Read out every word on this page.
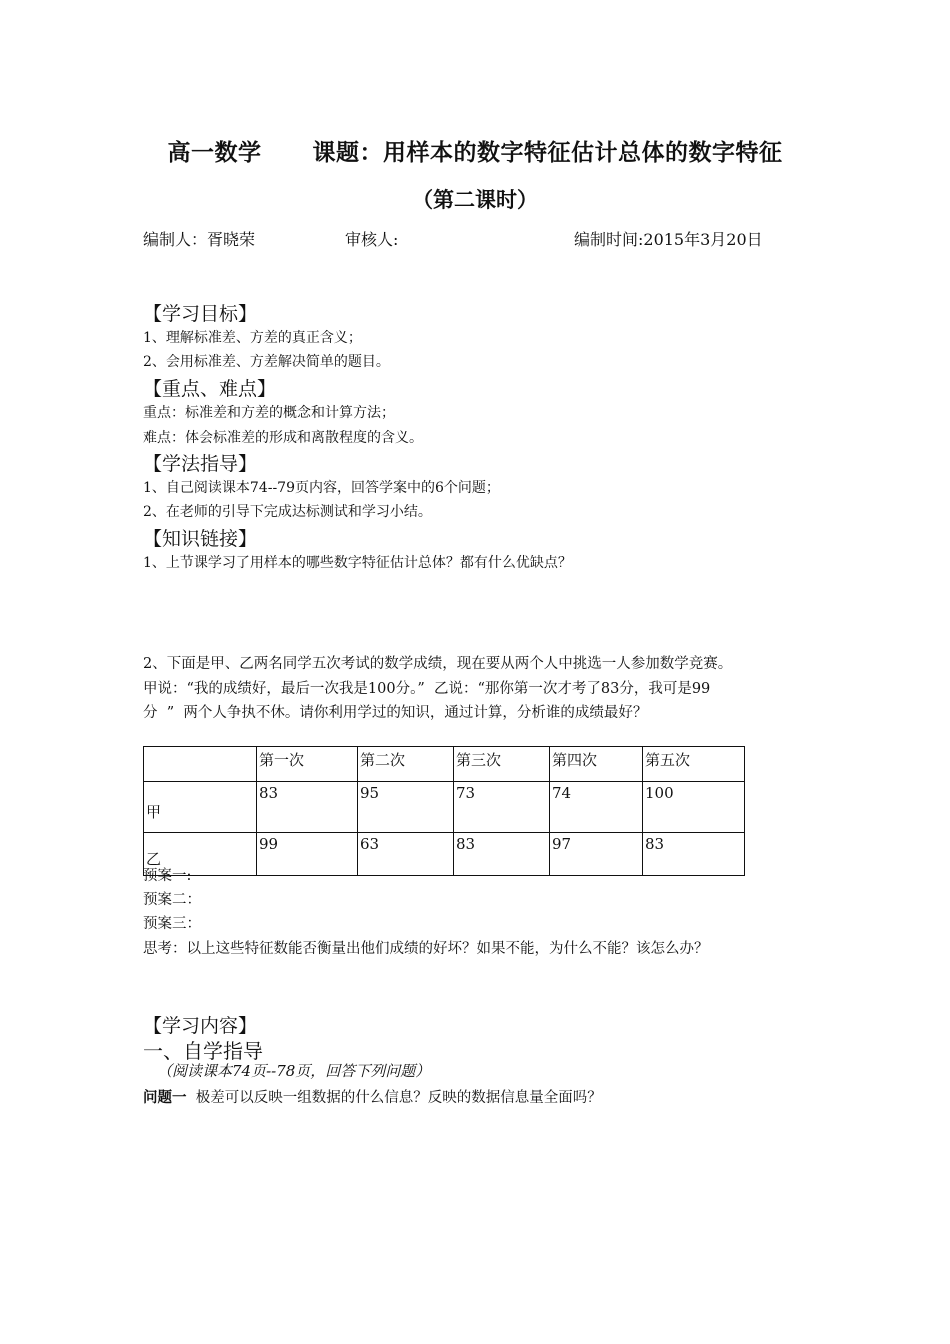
高一数学      课题：用样本的数字特征估计总体的数字特征
（第二课时）
编制人：胥晓荣	审核人:	编制时间:2015年3月20日
【学习目标】
1、理解标准差、方差的真正含义；
2、会用标准差、方差解决简单的题目。
【重点、难点】
重点：标准差和方差的概念和计算方法；
难点：体会标准差的形成和离散程度的含义。
【学法指导】
1、自己阅读课本74--79页内容，回答学案中的6个问题；
2、在老师的引导下完成达标测试和学习小结。
【知识链接】
1、上节课学习了用样本的哪些数字特征估计总体？都有什么优缺点？
2、下面是甲、乙两名同学五次考试的数学成绩，现在要从两个人中挑选一人参加数学竞赛。
甲说：“我的成绩好，最后一次我是100分。”  乙说：“那你第一次才考了83分，我可是99
分  ”  两个人争执不休。请你利用学过的知识，通过计算，分析谁的成绩最好？
	第一次	第二次	第三次	第四次	第五次
甲	83	95	73	74	100
乙	99	63	83	97	83
预案一:
预案二：
预案三：
思考：以上这些特征数能否衡量出他们成绩的好坏？如果不能，为什么不能？该怎么办？
【学习内容】
一、自学指导
（阅读课本74页--78页，回答下列问题）
问题一  极差可以反映一组数据的什么信息？反映的数据信息量全面吗？
